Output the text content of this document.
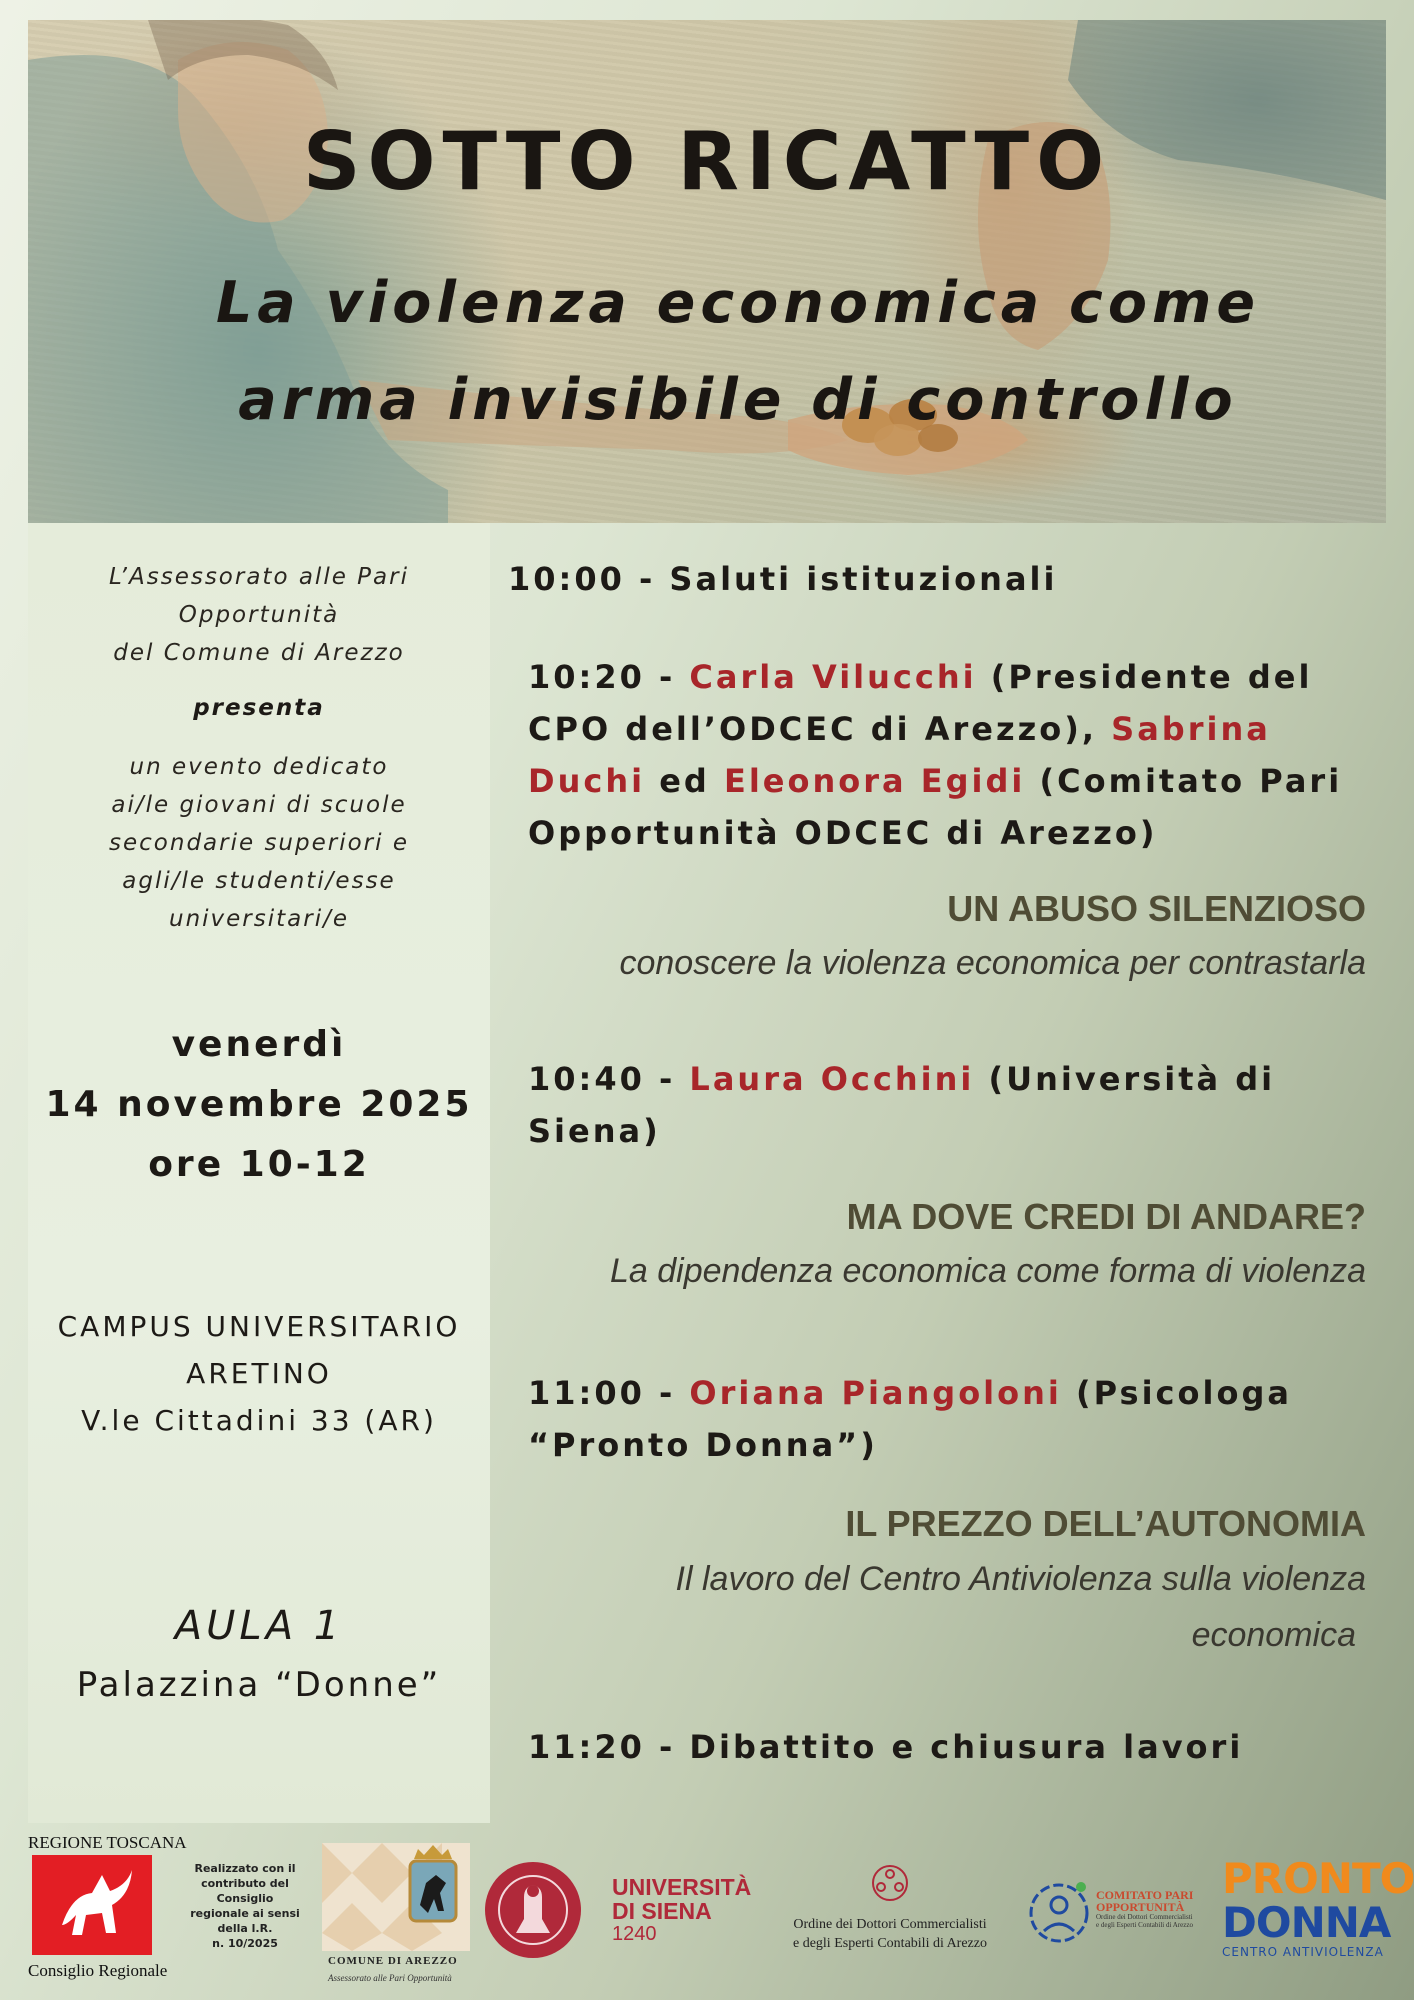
SOTTO RICATTO
La violenza economica come
arma invisibile di controllo
L’Assessorato alle Pari
Opportunità
del Comune di Arezzo
presenta
un evento dedicato
ai/le giovani di scuole
secondarie superiori e
agli/le studenti/esse
universitari/e
venerdì
14 novembre 2025
ore 10-12
CAMPUS UNIVERSITARIO
ARETINO
V.le Cittadini 33 (AR)
AULA 1
Palazzina “Donne”
10:00 - Saluti istituzionali
10:20 - Carla Vilucchi (Presidente del
CPO dell’ODCEC di Arezzo), Sabrina
Duchi ed Eleonora Egidi (Comitato Pari
Opportunità ODCEC di Arezzo)
UN ABUSO SILENZIOSO
conoscere la violenza economica per contrastarla
10:40 - Laura Occhini (Università di
Siena)
MA DOVE CREDI DI ANDARE?
La dipendenza economica come forma di violenza
11:00 - Oriana Piangoloni (Psicologa
“Pronto Donna”)
IL PREZZO DELL’AUTONOMIA
Il lavoro del Centro Antiviolenza sulla violenza
economica
11:20 - Dibattito e chiusura lavori
REGIONE TOSCANA
Consiglio Regionale
Realizzato con il
contributo del
Consiglio
regionale ai sensi
della l.R.
n. 10/2025
COMUNE DI AREZZO
Assessorato alle Pari Opportunità
UNIVERSITÀ
DI SIENA
1240	Ordine dei Dottori Commercialisti
e degli Esperti Contabili di Arezzo
COMITATO PARI
OPPORTUNITÀ
Ordine dei Dottori Commercialisti
e degli Esperti Contabili di Arezzo
PRONTO
DONNA
CENTRO ANTIVIOLENZA
